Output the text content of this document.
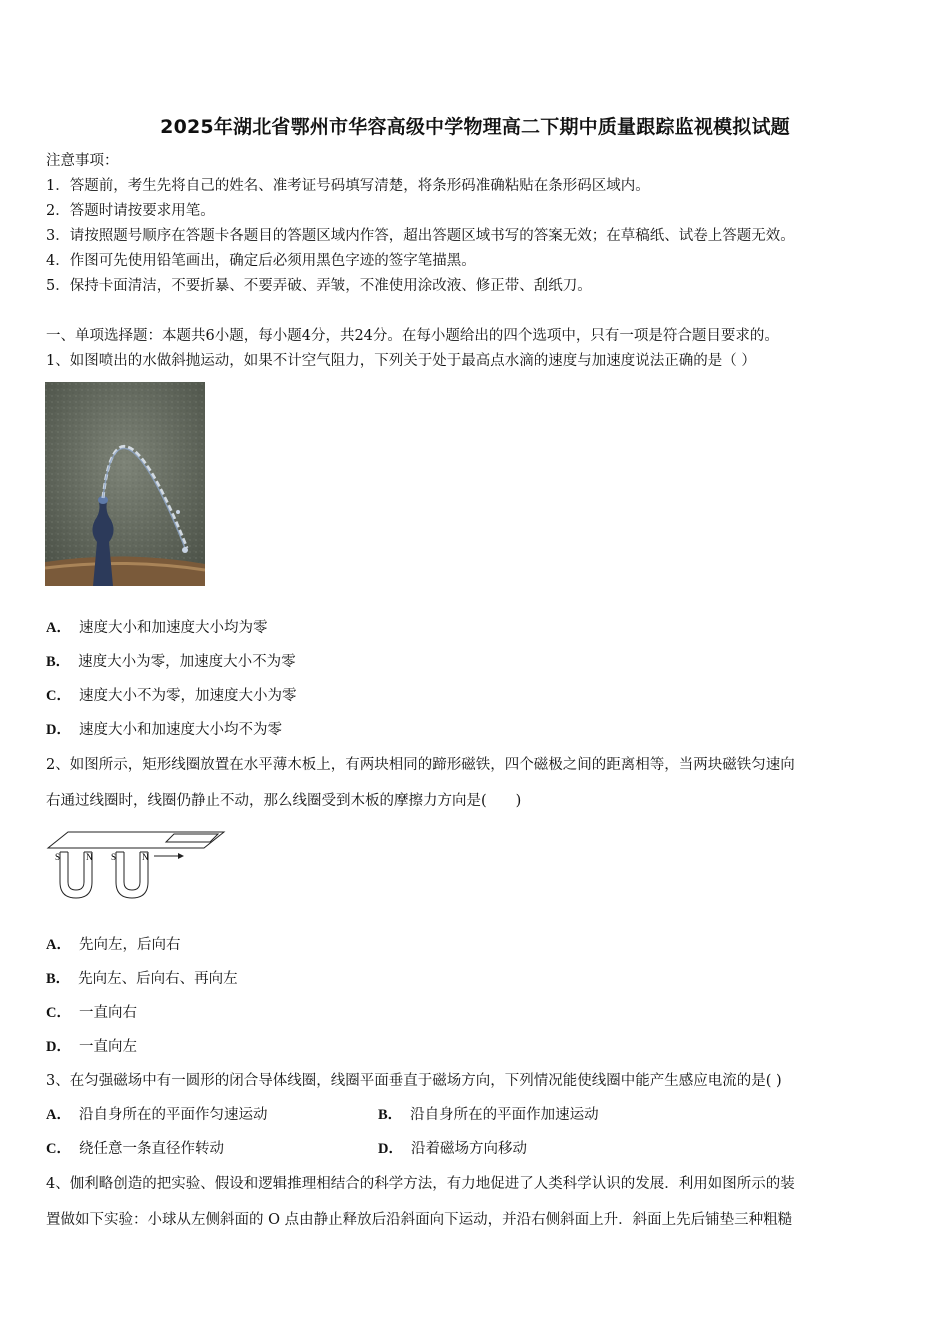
2025年湖北省鄂州市华容高级中学物理高二下期中质量跟踪监视模拟试题
注意事项：
1．答题前，考生先将自己的姓名、准考证号码填写清楚，将条形码准确粘贴在条形码区域内。
2．答题时请按要求用笔。
3．请按照题号顺序在答题卡各题目的答题区域内作答，超出答题区域书写的答案无效；在草稿纸、试卷上答题无效。
4．作图可先使用铅笔画出，确定后必须用黑色字迹的签字笔描黑。
5．保持卡面清洁，不要折暴、不要弄破、弄皱，不准使用涂改液、修正带、刮纸刀。
一、单项选择题：本题共6小题，每小题4分，共24分。在每小题给出的四个选项中，只有一项是符合题目要求的。
1、如图喷出的水做斜抛运动，如果不计空气阻力，下列关于处于最高点水滴的速度与加速度说法正确的是（ ）
A． 速度大小和加速度大小均为零
B． 速度大小为零，加速度大小不为零
C． 速度大小不为零，加速度大小为零
D． 速度大小和加速度大小均不为零
2、如图所示，矩形线圈放置在水平薄木板上，有两块相同的蹄形磁铁，四个磁极之间的距离相等，当两块磁铁匀速向
右通过线圈时，线圈仍静止不动，那么线圈受到木板的摩擦力方向是(　　)
S	N S	N
A． 先向左，后向右
B． 先向左、后向右、再向左
C． 一直向右
D． 一直向左
3、在匀强磁场中有一圆形的闭合导体线圈，线圈平面垂直于磁场方向，下列情况能使线圈中能产生感应电流的是( )
A． 沿自身所在的平面作匀速运动	B． 沿自身所在的平面作加速运动
C． 绕任意一条直径作转动	D． 沿着磁场方向移动
4、伽利略创造的把实验、假设和逻辑推理相结合的科学方法，有力地促进了人类科学认识的发展．利用如图所示的装
置做如下实验：小球从左侧斜面的 O 点由静止释放后沿斜面向下运动，并沿右侧斜面上升．斜面上先后铺垫三种粗糙
